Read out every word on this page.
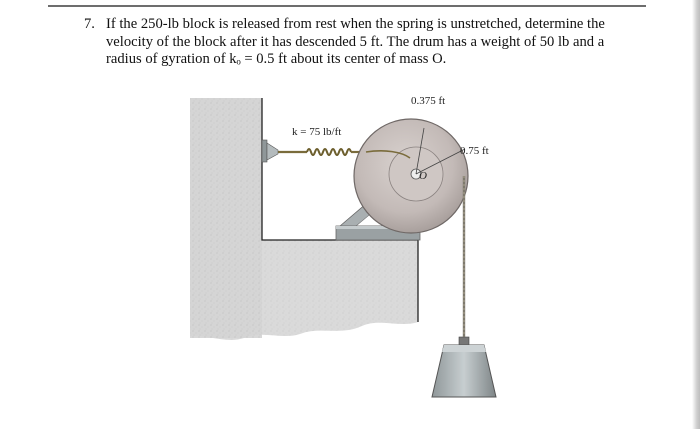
7. If the 250-lb block is released from rest when the spring is unstretched, determine the
velocity of the block after it has descended 5 ft. The drum has a weight of 50 lb and a
radius of gyration of kₒ = 0.5 ft about its center of mass O.
0.375 ft
k = 75 lb/ft
0.75 ft
O
